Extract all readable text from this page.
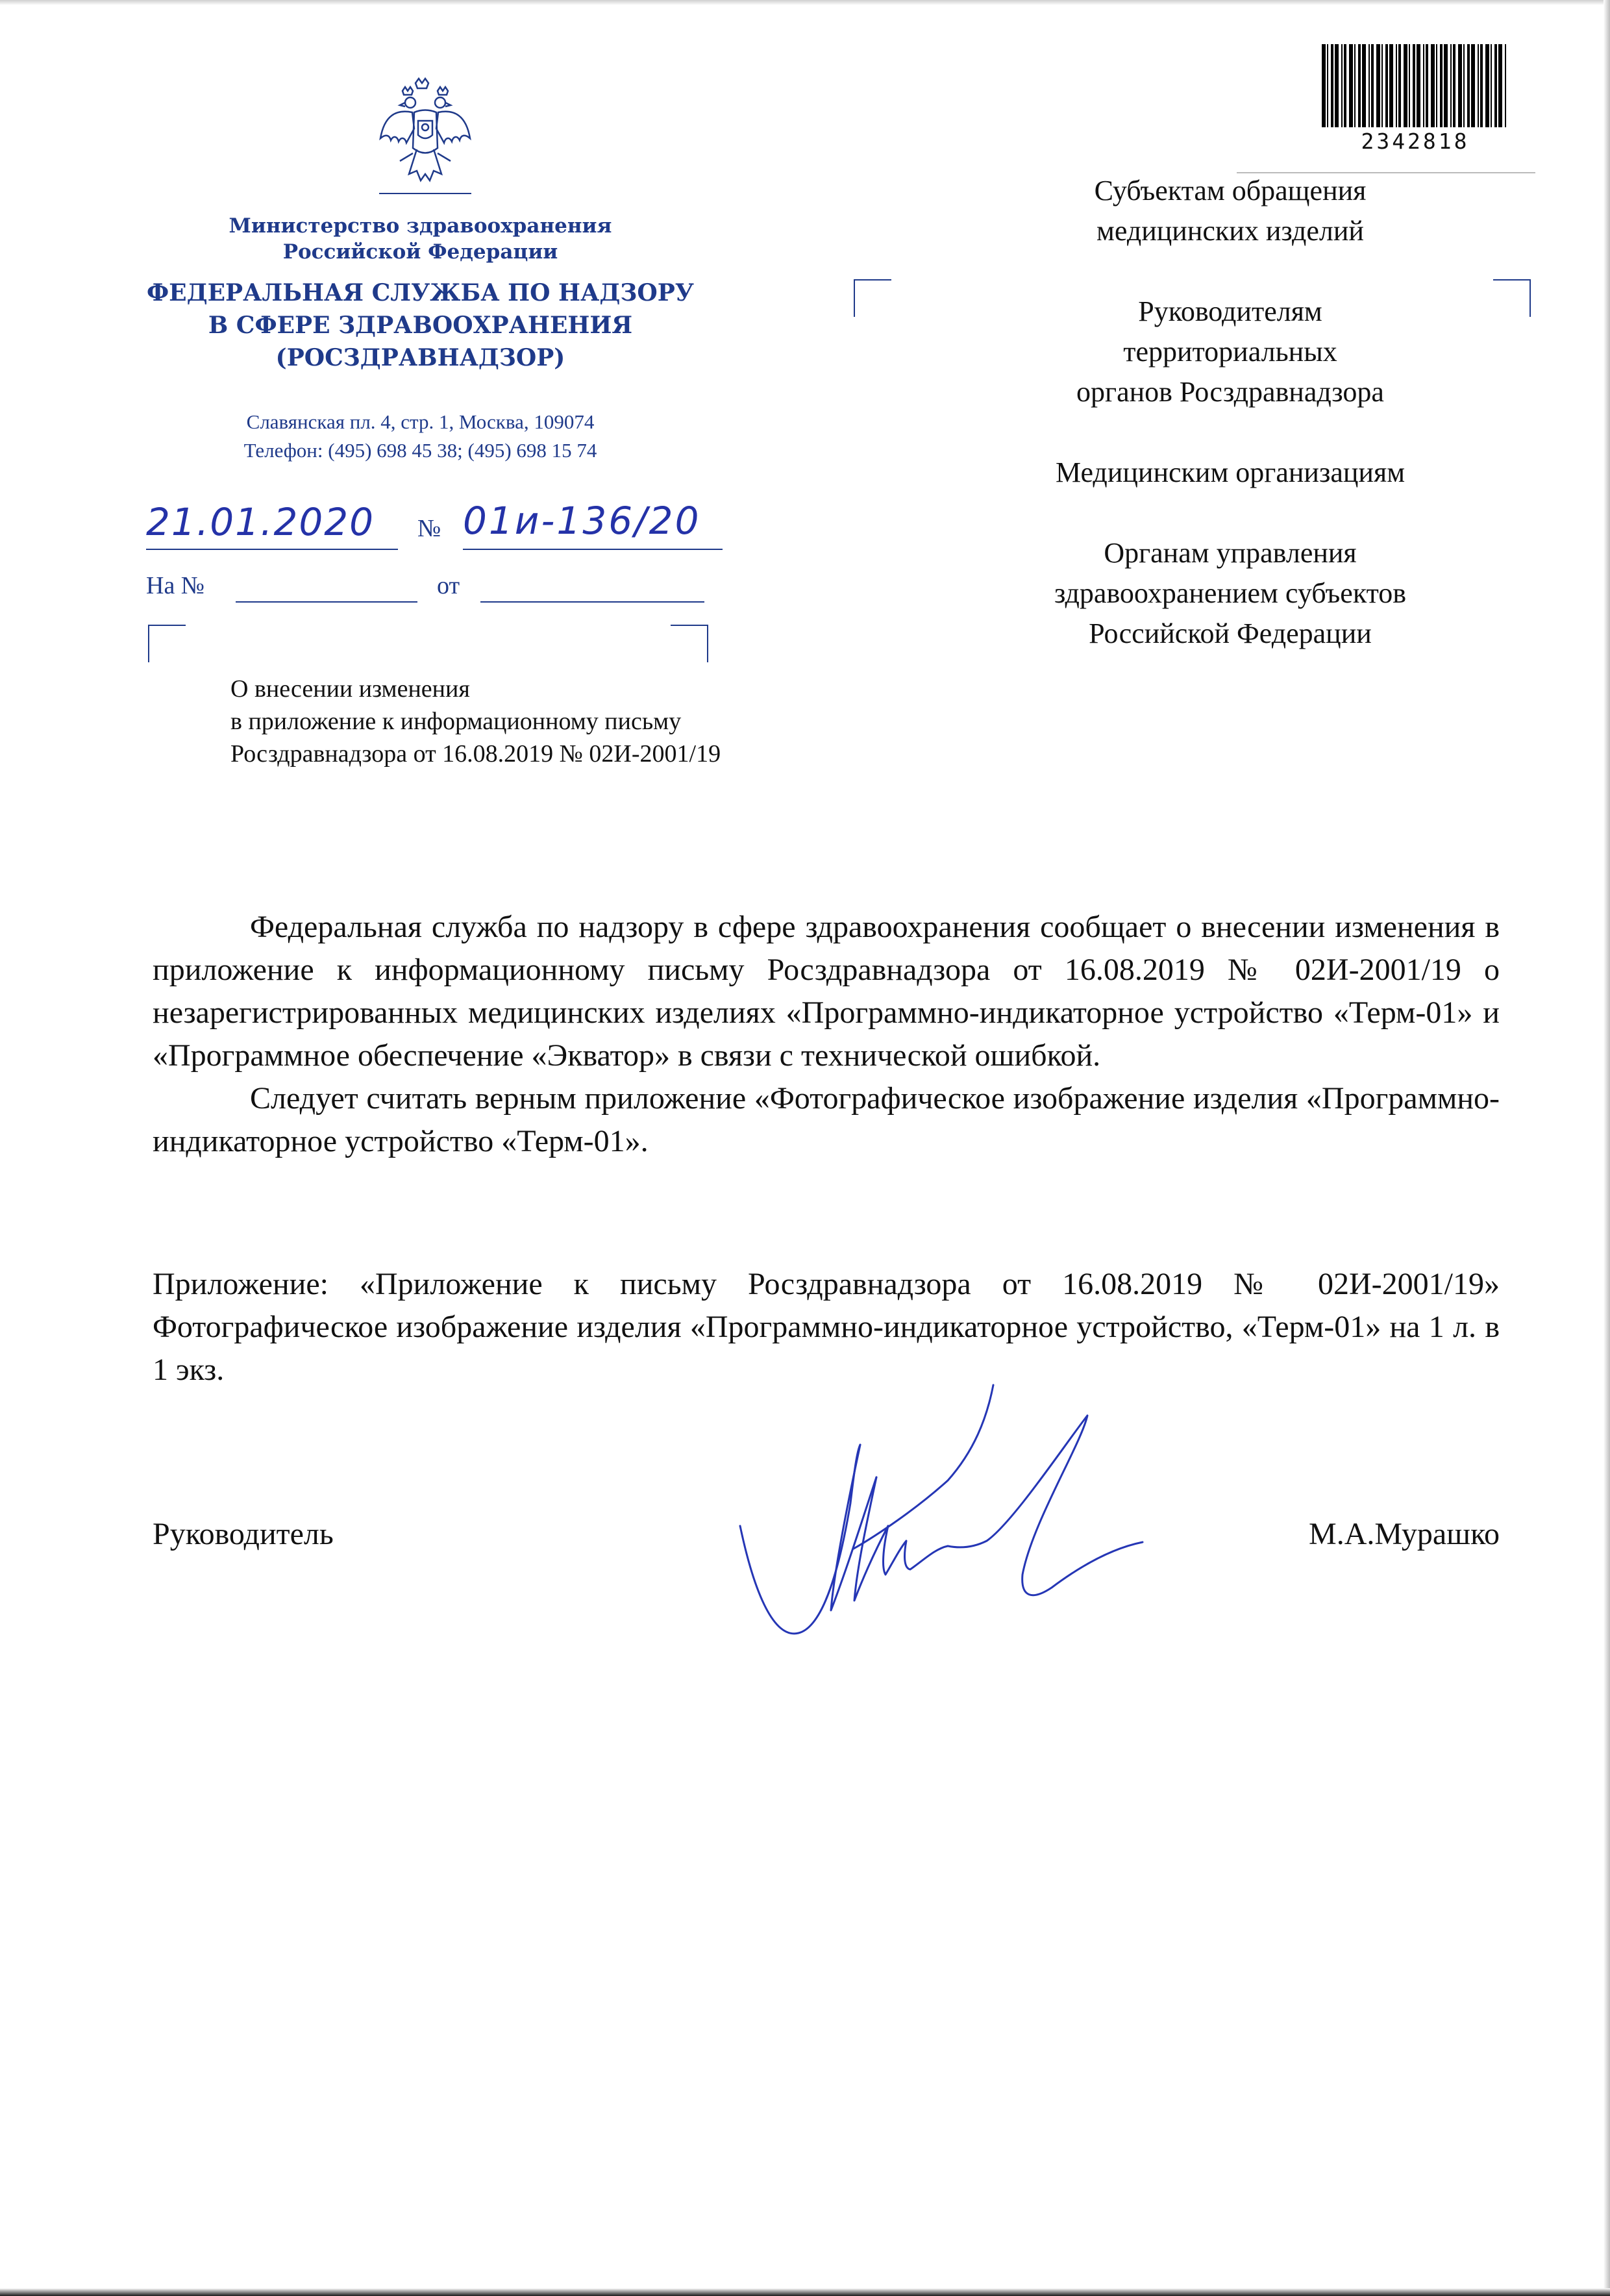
Министерство здравоохранения
Российской Федерации
ФЕДЕРАЛЬНАЯ СЛУЖБА ПО НАДЗОРУ
В СФЕРЕ ЗДРАВООХРАНЕНИЯ
(РОСЗДРАВНАДЗОР)
Славянская пл. 4, стр. 1, Москва, 109074
Телефон: (495) 698 45 38; (495) 698 15 74
21.01.2020 № 01и-136/20
На №	от
О внесении изменения
в приложение к информационному письму
Росздравнадзора от 16.08.2019 № 02И-2001/19
2342818

Субъектам обращения
медицинских изделий

Руководителям
территориальных
органов Росздравнадзора

Медицинским организациям

Органам управления
здравоохранением субъектов
Российской Федерации

Федеральная служба по надзору в сфере здравоохранения сообщает о внесении изменения в приложение к информационному письму Росздравнадзора от 16.08.2019 № 02И-2001/19 о незарегистрированных медицинских изделиях «Программно-индикаторное устройство «Терм-01» и «Программное обеспечение «Экватор» в связи с технической ошибкой.

Следует считать верным приложение «Фотографическое изображение изделия «Программно-индикаторное устройство «Терм-01».

Приложение: «Приложение к письму Росздравнадзора от 16.08.2019 № 02И-2001/19» Фотографическое изображение изделия «Программно-индикаторное устройство, «Терм-01» на 1 л. в 1 экз.
Руководитель	М.А.Мурашко
